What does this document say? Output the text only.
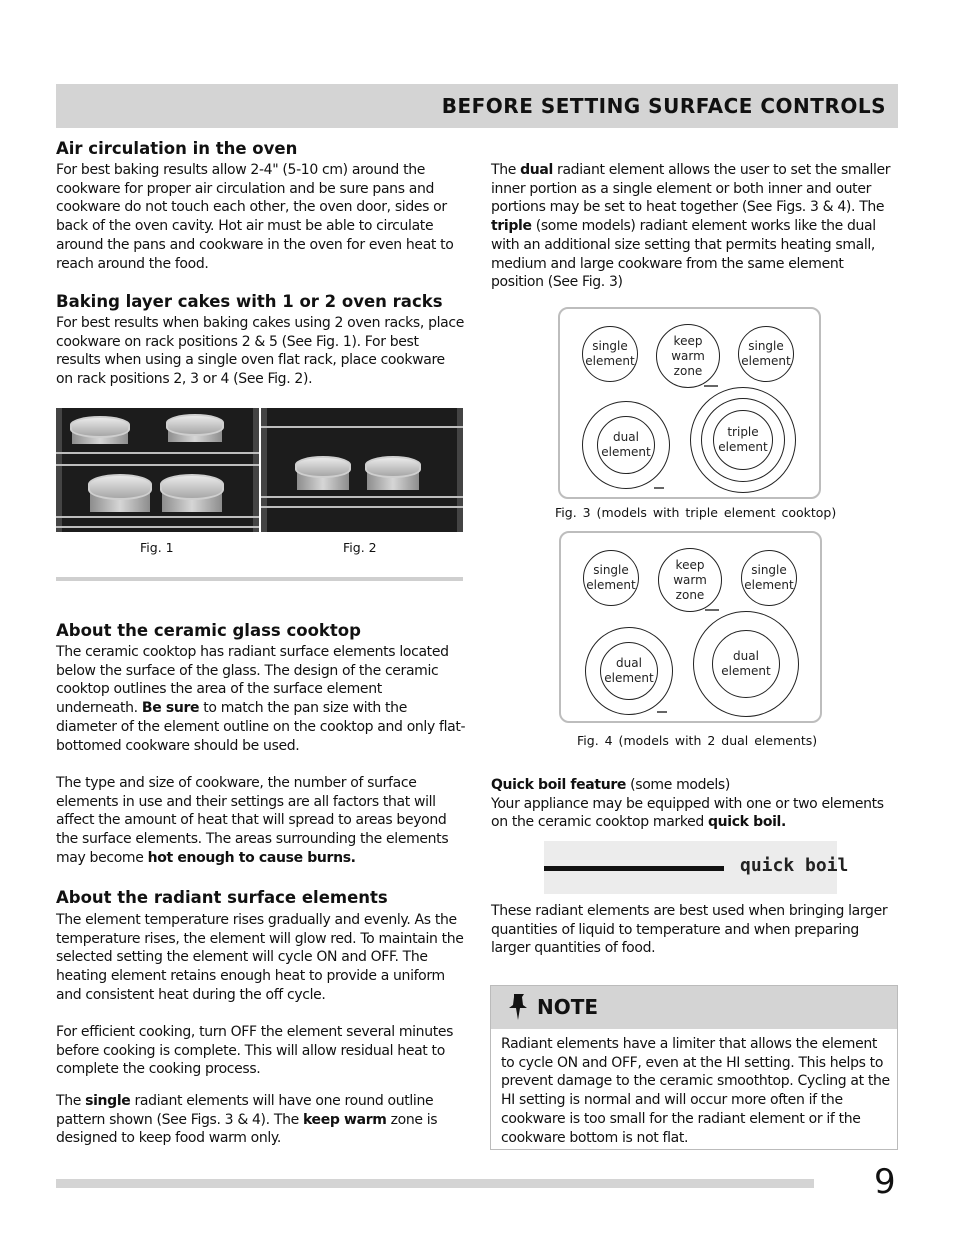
BEFORE SETTING SURFACE CONTROLS
Air circulation in the oven
For best baking results allow 2-4" (5-10 cm) around the cookware for proper air circulation and be sure pans and cookware do not touch each other, the oven door, sides or back of the oven cavity. Hot air must be able to circulate around the pans and cookware in the oven for even heat to reach around the food.
Baking layer cakes with 1 or 2 oven racks
For best results when baking cakes using 2 oven racks, place cookware on rack positions 2 & 5 (See Fig. 1). For best results when using a single oven flat rack, place cookware on rack positions 2, 3 or 4 (See Fig. 2).
Fig. 1	Fig. 2
About the ceramic glass cooktop
The ceramic cooktop has radiant surface elements located below the surface of the glass. The design of the ceramic cooktop outlines the area of the surface element underneath. Be sure to match the pan size with the diameter of the element outline on the cooktop and only flat-bottomed cookware should be used.
The type and size of cookware, the number of surface elements in use and their settings are all factors that will affect the amount of heat that will spread to areas beyond the surface elements. The areas surrounding the elements may become hot enough to cause burns.
About the radiant surface elements
The element temperature rises gradually and evenly. As the temperature rises, the element will glow red. To maintain the selected setting the element will cycle ON and OFF. The heating element retains enough heat to provide a uniform and consistent heat during the off cycle.
For efficient cooking, turn OFF the element several minutes before cooking is complete. This will allow residual heat to complete the cooking process.
The single radiant elements will have one round outline pattern shown (See Figs. 3 & 4). The keep warm zone is designed to keep food warm only.
The dual radiant element allows the user to set the smaller inner portion as a single element or both inner and outer portions may be set to heat together (See Figs. 3 & 4). The triple (some models) radiant element works like the dual with an additional size setting that permits heating small, medium and large cookware from the same element position (See Fig. 3)
single element
keep warm zone
single element
dual element
triple element
Fig. 3 (models with triple element cooktop)
single element
keep warm zone
single element
dual element
dual element
Fig. 4 (models with 2 dual elements)
Quick boil feature (some models)
Your appliance may be equipped with one or two elements on the ceramic cooktop marked quick boil.
quick boil
These radiant elements are best used when bringing larger quantities of liquid to temperature and when preparing larger quantities of food.
NOTE
Radiant elements have a limiter that allows the element to cycle ON and OFF, even at the HI setting. This helps to prevent damage to the ceramic smoothtop. Cycling at the HI setting is normal and will occur more often if the cookware is too small for the radiant element or if the cookware bottom is not flat.
9
